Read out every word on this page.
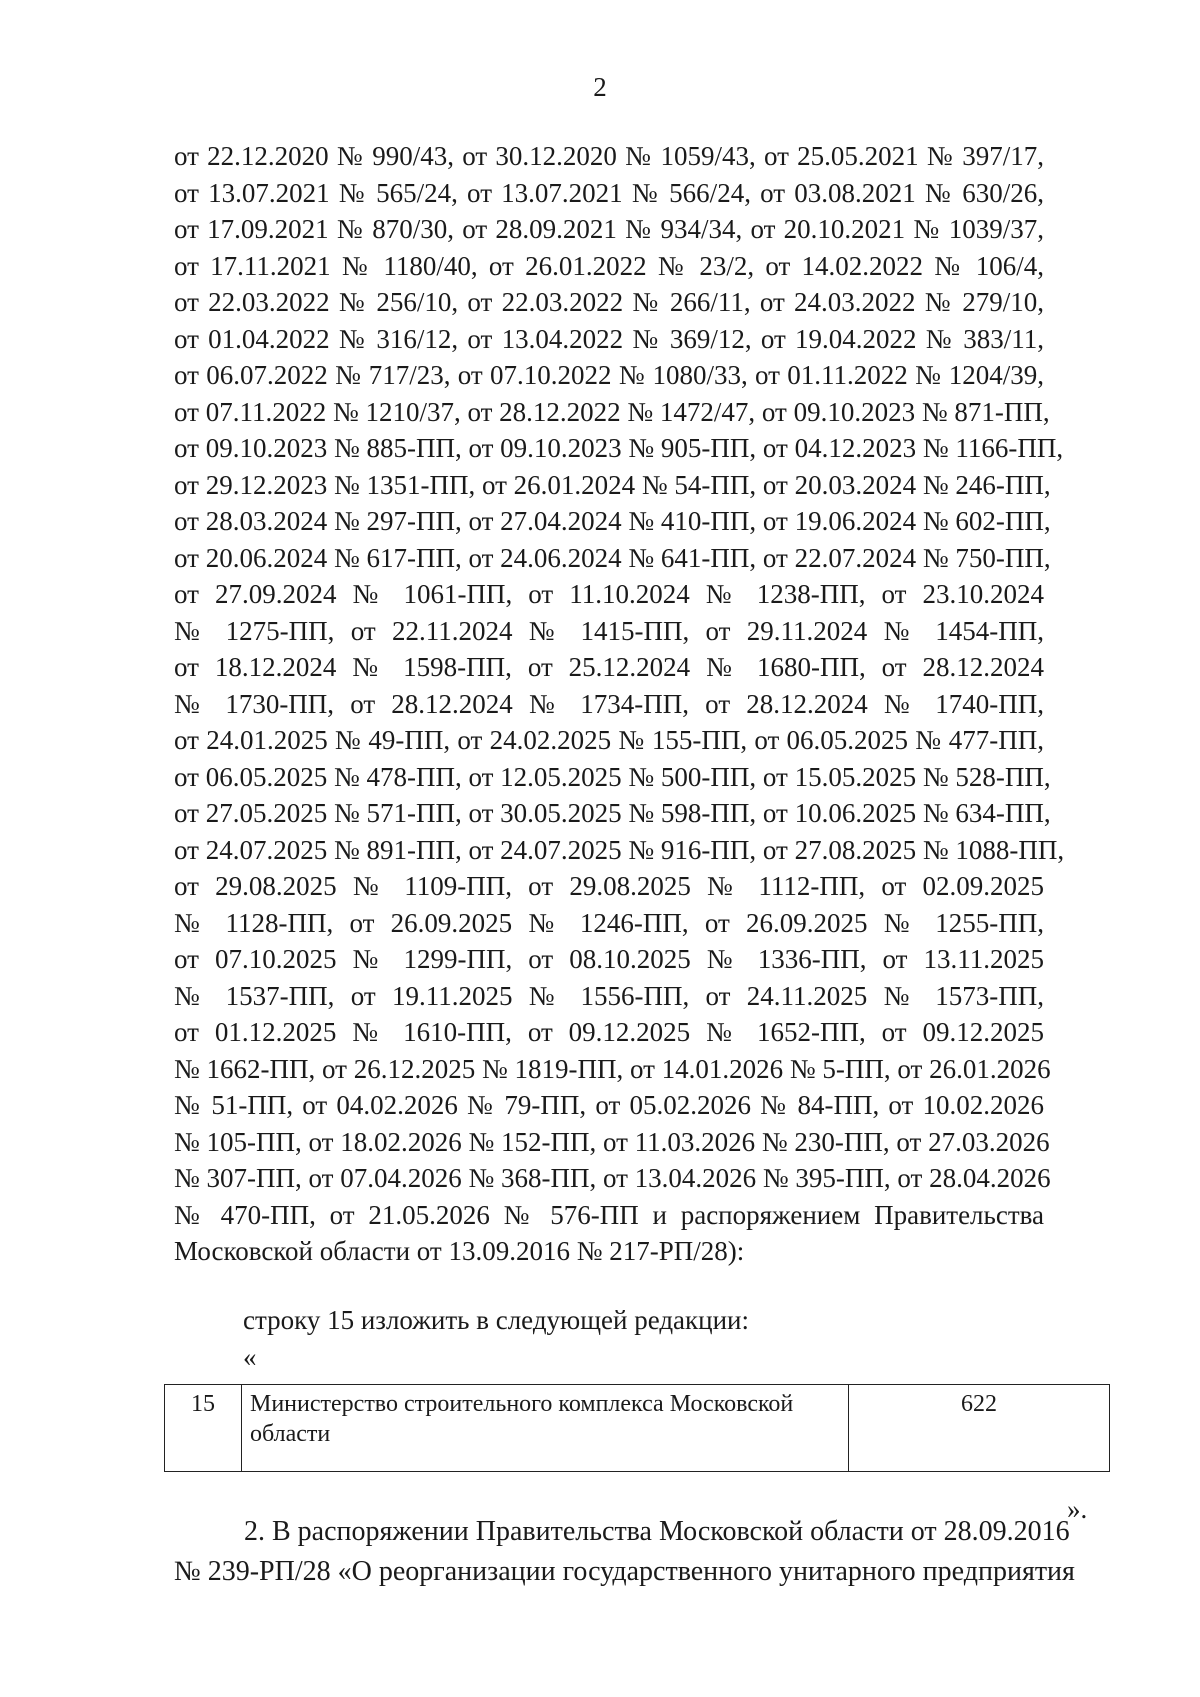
2
от 22.12.2020 № 990/43, от 30.12.2020 № 1059/43, от 25.05.2021 № 397/17,
от 13.07.2021 № 565/24, от 13.07.2021 № 566/24, от 03.08.2021 № 630/26,
от 17.09.2021 № 870/30, от 28.09.2021 № 934/34, от 20.10.2021 № 1039/37,
от 17.11.2021 № 1180/40, от 26.01.2022 № 23/2, от 14.02.2022 № 106/4,
от 22.03.2022 № 256/10, от 22.03.2022 № 266/11, от 24.03.2022 № 279/10,
от 01.04.2022 № 316/12, от 13.04.2022 № 369/12, от 19.04.2022 № 383/11,
от 06.07.2022 № 717/23, от 07.10.2022 № 1080/33, от 01.11.2022 № 1204/39,
от 07.11.2022 № 1210/37, от 28.12.2022 № 1472/47, от 09.10.2023 № 871-ПП,
от 09.10.2023 № 885-ПП, от 09.10.2023 № 905-ПП, от 04.12.2023 № 1166-ПП,
от 29.12.2023 № 1351-ПП, от 26.01.2024 № 54-ПП, от 20.03.2024 № 246-ПП,
от 28.03.2024 № 297-ПП, от 27.04.2024 № 410-ПП, от 19.06.2024 № 602-ПП,
от 20.06.2024 № 617-ПП, от 24.06.2024 № 641-ПП, от 22.07.2024 № 750-ПП,
от 27.09.2024 № 1061-ПП, от 11.10.2024 № 1238-ПП, от 23.10.2024
№ 1275-ПП, от 22.11.2024 № 1415-ПП, от 29.11.2024 № 1454-ПП,
от 18.12.2024 № 1598-ПП, от 25.12.2024 № 1680-ПП, от 28.12.2024
№ 1730-ПП, от 28.12.2024 № 1734-ПП, от 28.12.2024 № 1740-ПП,
от 24.01.2025 № 49-ПП, от 24.02.2025 № 155-ПП, от 06.05.2025 № 477-ПП,
от 06.05.2025 № 478-ПП, от 12.05.2025 № 500-ПП, от 15.05.2025 № 528-ПП,
от 27.05.2025 № 571-ПП, от 30.05.2025 № 598-ПП, от 10.06.2025 № 634-ПП,
от 24.07.2025 № 891-ПП, от 24.07.2025 № 916-ПП, от 27.08.2025 № 1088-ПП,
от 29.08.2025 № 1109-ПП, от 29.08.2025 № 1112-ПП, от 02.09.2025
№ 1128-ПП, от 26.09.2025 № 1246-ПП, от 26.09.2025 № 1255-ПП,
от 07.10.2025 № 1299-ПП, от 08.10.2025 № 1336-ПП, от 13.11.2025
№ 1537-ПП, от 19.11.2025 № 1556-ПП, от 24.11.2025 № 1573-ПП,
от 01.12.2025 № 1610-ПП, от 09.12.2025 № 1652-ПП, от 09.12.2025
№ 1662-ПП, от 26.12.2025 № 1819-ПП, от 14.01.2026 № 5-ПП, от 26.01.2026
№ 51-ПП, от 04.02.2026 № 79-ПП, от 05.02.2026 № 84-ПП, от 10.02.2026
№ 105-ПП, от 18.02.2026 № 152-ПП, от 11.03.2026 № 230-ПП, от 27.03.2026
№ 307-ПП, от 07.04.2026 № 368-ПП, от 13.04.2026 № 395-ПП, от 28.04.2026
№ 470-ПП, от 21.05.2026 № 576-ПП и распоряжением Правительства
Московской области от 13.09.2016 № 217-РП/28):
строку 15 изложить в следующей редакции:
«
15	Министерство строительного комплекса Московской области	622
».
2. В распоряжении Правительства Московской области от 28.09.2016
№ 239-РП/28 «О реорганизации государственного унитарного предприятия
